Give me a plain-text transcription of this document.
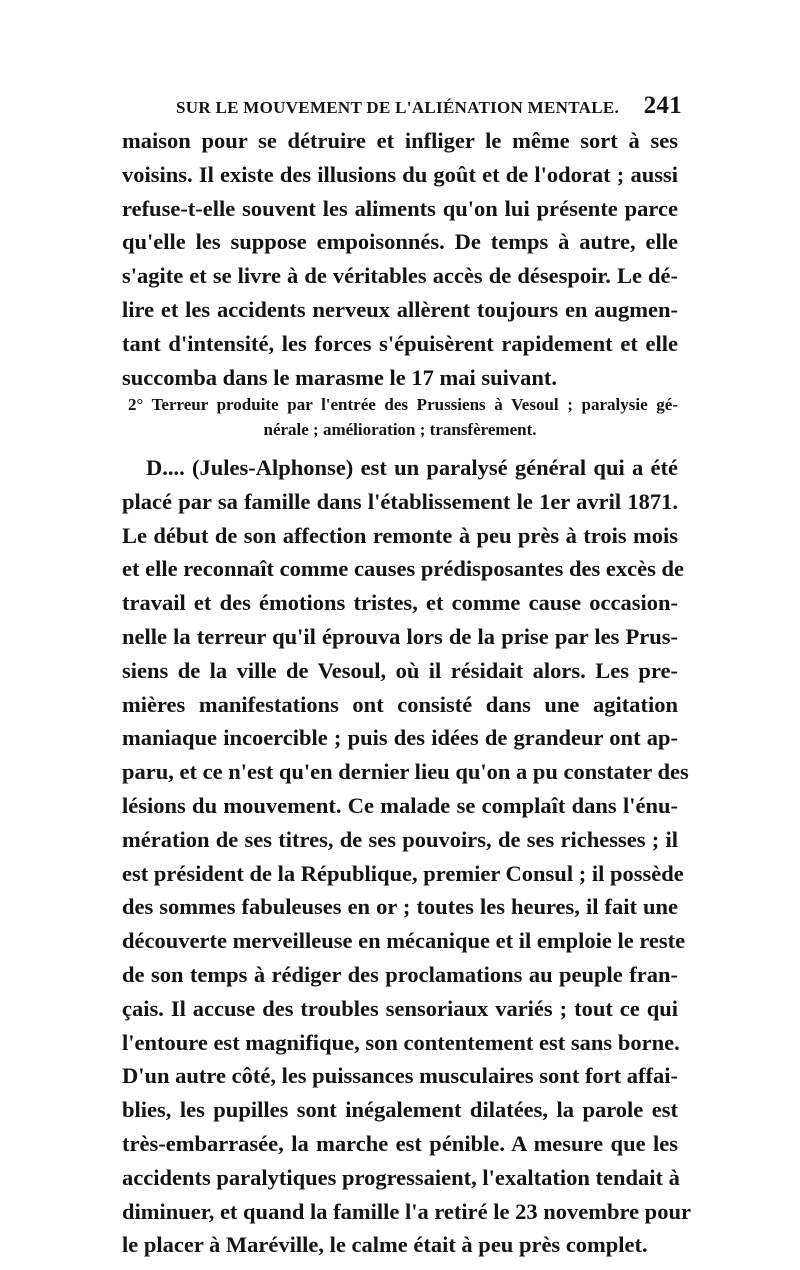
SUR LE MOUVEMENT DE L'ALIÉNATION MENTALE. 241
maison pour se détruire et infliger le même sort à ses
voisins. Il existe des illusions du goût et de l'odorat ; aussi
refuse-t-elle souvent les aliments qu'on lui présente parce
qu'elle les suppose empoisonnés. De temps à autre, elle
s'agite et se livre à de véritables accès de désespoir. Le dé-
lire et les accidents nerveux allèrent toujours en augmen-
tant d'intensité, les forces s'épuisèrent rapidement et elle
succomba dans le marasme le 17 mai suivant.
2° Terreur produite par l'entrée des Prussiens à Vesoul ; paralysie gé-
nérale ; amélioration ; transfèrement.
D.... (Jules-Alphonse) est un paralysé général qui a été
placé par sa famille dans l'établissement le 1er avril 1871.
Le début de son affection remonte à peu près à trois mois
et elle reconnaît comme causes prédisposantes des excès de
travail et des émotions tristes, et comme cause occasion-
nelle la terreur qu'il éprouva lors de la prise par les Prus-
siens de la ville de Vesoul, où il résidait alors. Les pre-
mières manifestations ont consisté dans une agitation
maniaque incoercible ; puis des idées de grandeur ont ap-
paru, et ce n'est qu'en dernier lieu qu'on a pu constater des
lésions du mouvement. Ce malade se complaît dans l'énu-
mération de ses titres, de ses pouvoirs, de ses richesses ; il
est président de la République, premier Consul ; il possède
des sommes fabuleuses en or ; toutes les heures, il fait une
découverte merveilleuse en mécanique et il emploie le reste
de son temps à rédiger des proclamations au peuple fran-
çais. Il accuse des troubles sensoriaux variés ; tout ce qui
l'entoure est magnifique, son contentement est sans borne.
D'un autre côté, les puissances musculaires sont fort affai-
blies, les pupilles sont inégalement dilatées, la parole est
très-embarrasée, la marche est pénible. A mesure que les
accidents paralytiques progressaient, l'exaltation tendait à
diminuer, et quand la famille l'a retiré le 23 novembre pour
le placer à Maréville, le calme était à peu près complet.
